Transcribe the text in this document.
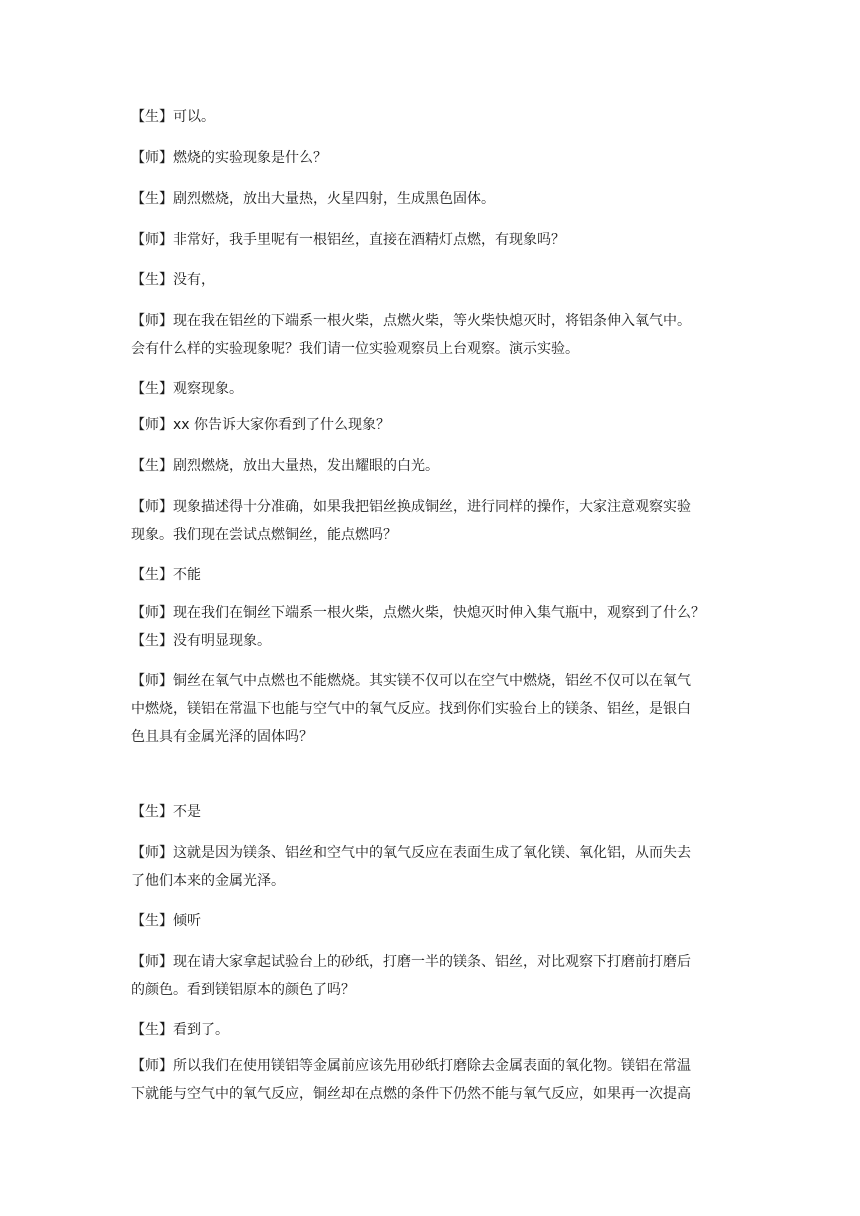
【生】可以。

【师】燃烧的实验现象是什么？

【生】剧烈燃烧，放出大量热，火星四射，生成黑色固体。

【师】非常好，我手里呢有一根铝丝，直接在酒精灯点燃，有现象吗？

【生】没有，

【师】现在我在铝丝的下端系一根火柴，点燃火柴，等火柴快熄灭时，将铝条伸入氧气中。
会有什么样的实验现象呢？我们请一位实验观察员上台观察。演示实验。

【生】观察现象。

【师】xx 你告诉大家你看到了什么现象？

【生】剧烈燃烧，放出大量热，发出耀眼的白光。

【师】现象描述得十分准确，如果我把铝丝换成铜丝，进行同样的操作，大家注意观察实验
现象。我们现在尝试点燃铜丝，能点燃吗？

【生】不能

【师】现在我们在铜丝下端系一根火柴，点燃火柴，快熄灭时伸入集气瓶中，观察到了什么？
【生】没有明显现象。

【师】铜丝在氧气中点燃也不能燃烧。其实镁不仅可以在空气中燃烧，铝丝不仅可以在氧气
中燃烧，镁铝在常温下也能与空气中的氧气反应。找到你们实验台上的镁条、铝丝，是银白
色且具有金属光泽的固体吗？

【生】不是

【师】这就是因为镁条、铝丝和空气中的氧气反应在表面生成了氧化镁、氧化铝，从而失去
了他们本来的金属光泽。

【生】倾听

【师】现在请大家拿起试验台上的砂纸，打磨一半的镁条、铝丝，对比观察下打磨前打磨后
的颜色。看到镁铝原本的颜色了吗？

【生】看到了。

【师】所以我们在使用镁铝等金属前应该先用砂纸打磨除去金属表面的氧化物。镁铝在常温
下就能与空气中的氧气反应，铜丝却在点燃的条件下仍然不能与氧气反应，如果再一次提高
